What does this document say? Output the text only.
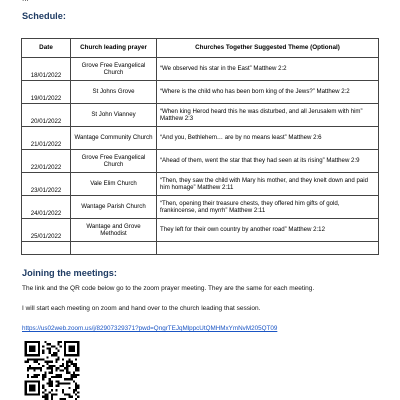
Schedule:
Date	Church leading prayer	Churches Together Suggested Theme (Optional)
18/01/2022	Grove Free Evangelical Church	“We observed his star in the East” Matthew 2:2
19/01/2022	St Johns Grove	“Where is the child who has been born king of the Jews?” Matthew 2:2
20/01/2022	St John Vianney	“When king Herod heard this he was disturbed, and all Jerusalem with him” Matthew 2:3
21/01/2022	Wantage Community Church	“And you, Bethlehem… are by no means least” Matthew 2:6
22/01/2022	Grove Free Evangelical Church	“Ahead of them, went the star that they had seen at its rising” Matthew 2:9
23/01/2022	Vale Elim Church	“Then, they saw the child with Mary his mother, and they knelt down and paid him homage” Matthew 2:11
24/01/2022	Wantage Parish Church	“Then, opening their treasure chests, they offered him gifts of gold, frankincense, and myrrh” Matthew 2:11
25/01/2022	Wantage and Grove Methodist	They left for their own country by another road” Matthew 2:12

Joining the meetings:
The link and the QR code below go to the zoom prayer meeting. They are the same for each meeting.
I will start each meeting on zoom and hand over to the church leading that session.
https://us02web.zoom.us/j/82907329371?pwd=QngrTEJqMlppcUtQMHMxYmNvM205QT09
